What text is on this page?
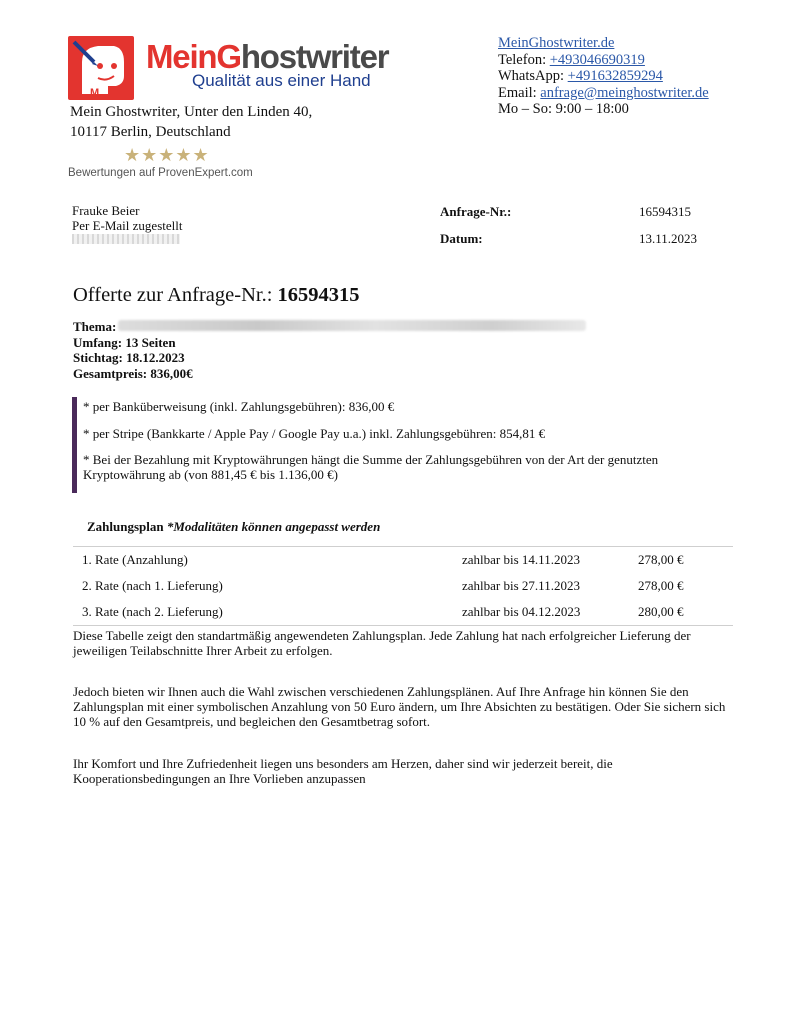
M
MeinGhostwriter
Qualität aus einer Hand
Mein Ghostwriter, Unter den Linden 40,
10117 Berlin, Deutschland
★★★★★
Bewertungen auf ProvenExpert.com
MeinGhostwriter.de
Telefon: +493046690319
WhatsApp: +491632859294
Email: anfrage@meinghostwriter.de
Mo – So: 9:00 – 18:00
Frauke Beier
Per E-Mail zugestellt
Anfrage-Nr.:	16594315
Datum:	13.11.2023
Offerte zur Anfrage-Nr.: 16594315
Thema:
Umfang: 13 Seiten
Stichtag: 18.12.2023
Gesamtpreis: 836,00€

* per Banküberweisung (inkl. Zahlungsgebühren): 836,00 €

* per Stripe (Bankkarte / Apple Pay / Google Pay u.a.) inkl. Zahlungsgebühren: 854,81 €

* Bei der Bezahlung mit Kryptowährungen hängt die Summe der Zahlungsgebühren von der Art der genutzten Kryptowährung ab (von 881,45 € bis 1.136,00 €)

Zahlungsplan *Modalitäten können angepasst werden
1. Rate (Anzahlung)	zahlbar bis 14.11.2023	278,00 €
2. Rate (nach 1. Lieferung)	zahlbar bis 27.11.2023	278,00 €
3. Rate (nach 2. Lieferung)	zahlbar bis 04.12.2023	280,00 €
Diese Tabelle zeigt den standartmäßig angewendeten Zahlungsplan. Jede Zahlung hat nach erfolgreicher Lieferung der jeweiligen Teilabschnitte Ihrer Arbeit zu erfolgen.
Jedoch bieten wir Ihnen auch die Wahl zwischen verschiedenen Zahlungsplänen. Auf Ihre Anfrage hin können Sie den Zahlungsplan mit einer symbolischen Anzahlung von 50 Euro ändern, um Ihre Absichten zu bestätigen. Oder Sie sichern sich 10 % auf den Gesamtpreis, und begleichen den Gesamtbetrag sofort.
Ihr Komfort und Ihre Zufriedenheit liegen uns besonders am Herzen, daher sind wir jederzeit bereit, die Kooperationsbedingungen an Ihre Vorlieben anzupassen
